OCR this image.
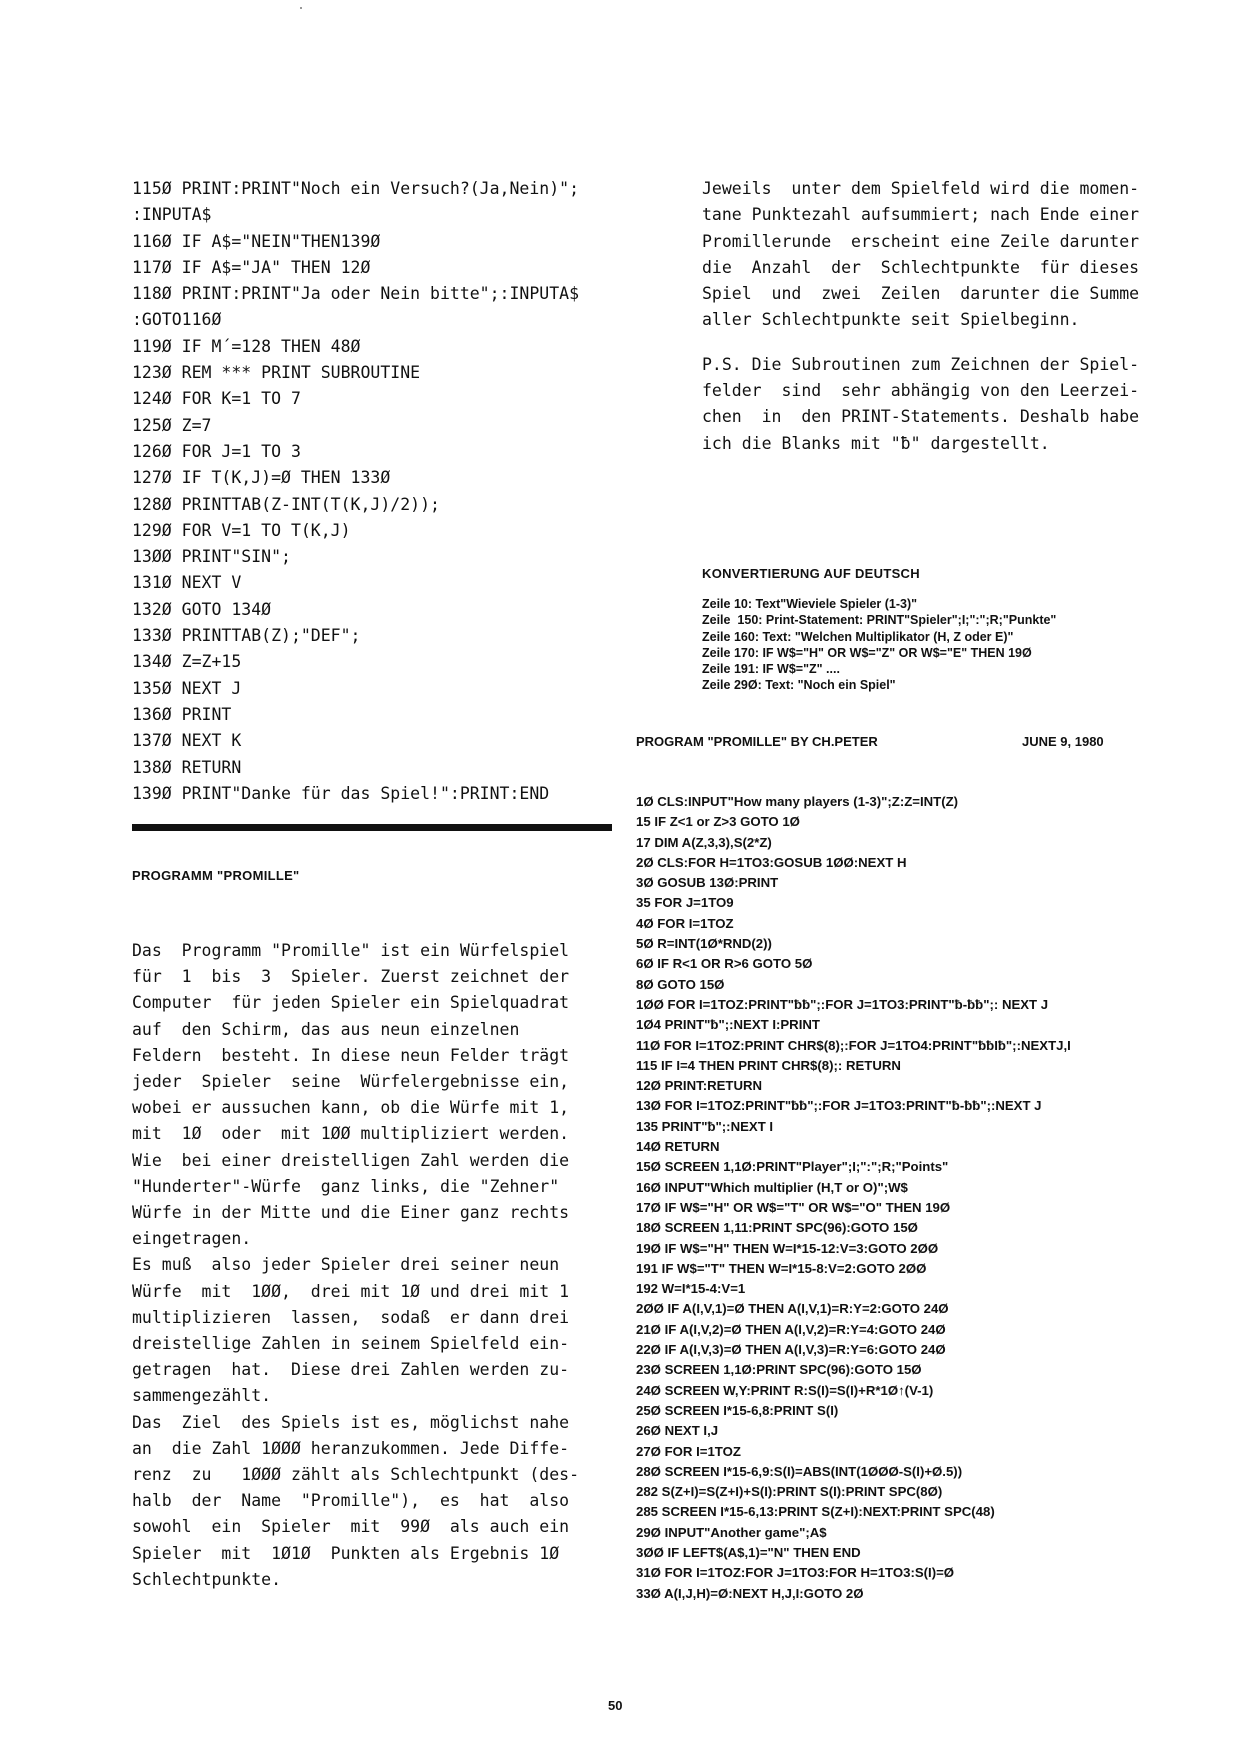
115Ø PRINT:PRINT"Noch ein Versuch?(Ja,Nein)";
:INPUTA$
116Ø IF A$="NEIN"THEN139Ø
117Ø IF A$="JA" THEN 12Ø
118Ø PRINT:PRINT"Ja oder Nein bitte";:INPUTA$
:GOTO116Ø
119Ø IF M´=128 THEN 48Ø
123Ø REM *** PRINT SUBROUTINE
124Ø FOR K=1 TO 7
125Ø Z=7
126Ø FOR J=1 TO 3
127Ø IF T(K,J)=Ø THEN 133Ø
128Ø PRINTTAB(Z-INT(T(K,J)/2));
129Ø FOR V=1 TO T(K,J)
13ØØ PRINT"SIN";
131Ø NEXT V
132Ø GOTO 134Ø
133Ø PRINTTAB(Z);"DEF";
134Ø Z=Z+15
135Ø NEXT J
136Ø PRINT
137Ø NEXT K
138Ø RETURN
139Ø PRINT"Danke für das Spiel!":PRINT:END
PROGRAMM "PROMILLE"
Das  Programm "Promille" ist ein Würfelspiel
für  1  bis  3  Spieler. Zuerst zeichnet der
Computer  für jeden Spieler ein Spielquadrat
auf  den Schirm, das aus neun einzelnen
Feldern  besteht. In diese neun Felder trägt
jeder  Spieler  seine  Würfelergebnisse ein,
wobei er aussuchen kann, ob die Würfe mit 1,
mit  1Ø  oder  mit 1ØØ multipliziert werden.
Wie  bei einer dreistelligen Zahl werden die
"Hunderter"-Würfe  ganz links, die "Zehner"
Würfe in der Mitte und die Einer ganz rechts
eingetragen.
Es muß  also jeder Spieler drei seiner neun
Würfe  mit  1ØØ,  drei mit 1Ø und drei mit 1
multiplizieren  lassen,  sodaß  er dann drei
dreistellige Zahlen in seinem Spielfeld ein-
getragen  hat.  Diese drei Zahlen werden zu-
sammengezählt.
Das  Ziel  des Spiels ist es, möglichst nahe
an  die Zahl 1ØØØ heranzukommen. Jede Diffe-
renz  zu   1ØØØ zählt als Schlechtpunkt (des-
halb  der  Name  "Promille"),  es  hat  also
sowohl  ein  Spieler  mit  99Ø  als auch ein
Spieler  mit  1Ø1Ø  Punkten als Ergebnis 1Ø
Schlechtpunkte.
Jeweils  unter dem Spielfeld wird die momen-
tane Punktezahl aufsummiert; nach Ende einer
Promillerunde  erscheint eine Zeile darunter
die  Anzahl  der  Schlechtpunkte  für dieses
Spiel  und  zwei  Zeilen  darunter die Summe
aller Schlechtpunkte seit Spielbeginn.
P.S. Die Subroutinen zum Zeichnen der Spiel-
felder  sind  sehr abhängig von den Leerzei-
chen  in  den PRINT-Statements. Deshalb habe
ich die Blanks mit "ƀ" dargestellt.
KONVERTIERUNG AUF DEUTSCH
Zeile 10: Text"Wieviele Spieler (1-3)"
Zeile  150: Print-Statement: PRINT"Spieler";I;":";R;"Punkte"
Zeile 160: Text: "Welchen Multiplikator (H, Z oder E)"
Zeile 170: IF W$="H" OR W$="Z" OR W$="E" THEN 19Ø
Zeile 191: IF W$="Z" ....
Zeile 29Ø: Text: "Noch ein Spiel"
PROGRAM "PROMILLE" BY CH.PETER	JUNE 9, 1980
1Ø CLS:INPUT"How many players (1-3)";Z:Z=INT(Z)
15 IF Z<1 or Z>3 GOTO 1Ø
17 DIM A(Z,3,3),S(2*Z)
2Ø CLS:FOR H=1TO3:GOSUB 1ØØ:NEXT H
3Ø GOSUB 13Ø:PRINT
35 FOR J=1TO9
4Ø FOR I=1TOZ
5Ø R=INT(1Ø*RND(2))
6Ø IF R<1 OR R>6 GOTO 5Ø
8Ø GOTO 15Ø
1ØØ FOR I=1TOZ:PRINT"ƀƀ";:FOR J=1TO3:PRINT"ƀ-ƀƀ";: NEXT J
1Ø4 PRINT"ƀ";:NEXT I:PRINT
11Ø FOR I=1TOZ:PRINT CHR$(8);:FOR J=1TO4:PRINT"ƀƀIƀ";:NEXTJ,I
115 IF I=4 THEN PRINT CHR$(8);: RETURN
12Ø PRINT:RETURN
13Ø FOR I=1TOZ:PRINT"ƀƀ";:FOR J=1TO3:PRINT"ƀ-ƀƀ";:NEXT J
135 PRINT"ƀ";:NEXT I
14Ø RETURN
15Ø SCREEN 1,1Ø:PRINT"Player";I;":";R;"Points"
16Ø INPUT"Which multiplier (H,T or O)";W$
17Ø IF W$="H" OR W$="T" OR W$="O" THEN 19Ø
18Ø SCREEN 1,11:PRINT SPC(96):GOTO 15Ø
19Ø IF W$="H" THEN W=I*15-12:V=3:GOTO 2ØØ
191 IF W$="T" THEN W=I*15-8:V=2:GOTO 2ØØ
192 W=I*15-4:V=1
2ØØ IF A(I,V,1)=Ø THEN A(I,V,1)=R:Y=2:GOTO 24Ø
21Ø IF A(I,V,2)=Ø THEN A(I,V,2)=R:Y=4:GOTO 24Ø
22Ø IF A(I,V,3)=Ø THEN A(I,V,3)=R:Y=6:GOTO 24Ø
23Ø SCREEN 1,1Ø:PRINT SPC(96):GOTO 15Ø
24Ø SCREEN W,Y:PRINT R:S(I)=S(I)+R*1Ø↑(V-1)
25Ø SCREEN I*15-6,8:PRINT S(I)
26Ø NEXT I,J
27Ø FOR I=1TOZ
28Ø SCREEN I*15-6,9:S(I)=ABS(INT(1ØØØ-S(I)+Ø.5))
282 S(Z+I)=S(Z+I)+S(I):PRINT S(I):PRINT SPC(8Ø)
285 SCREEN I*15-6,13:PRINT S(Z+I):NEXT:PRINT SPC(48)
29Ø INPUT"Another game";A$
3ØØ IF LEFT$(A$,1)="N" THEN END
31Ø FOR I=1TOZ:FOR J=1TO3:FOR H=1TO3:S(I)=Ø
33Ø A(I,J,H)=Ø:NEXT H,J,I:GOTO 2Ø
50
